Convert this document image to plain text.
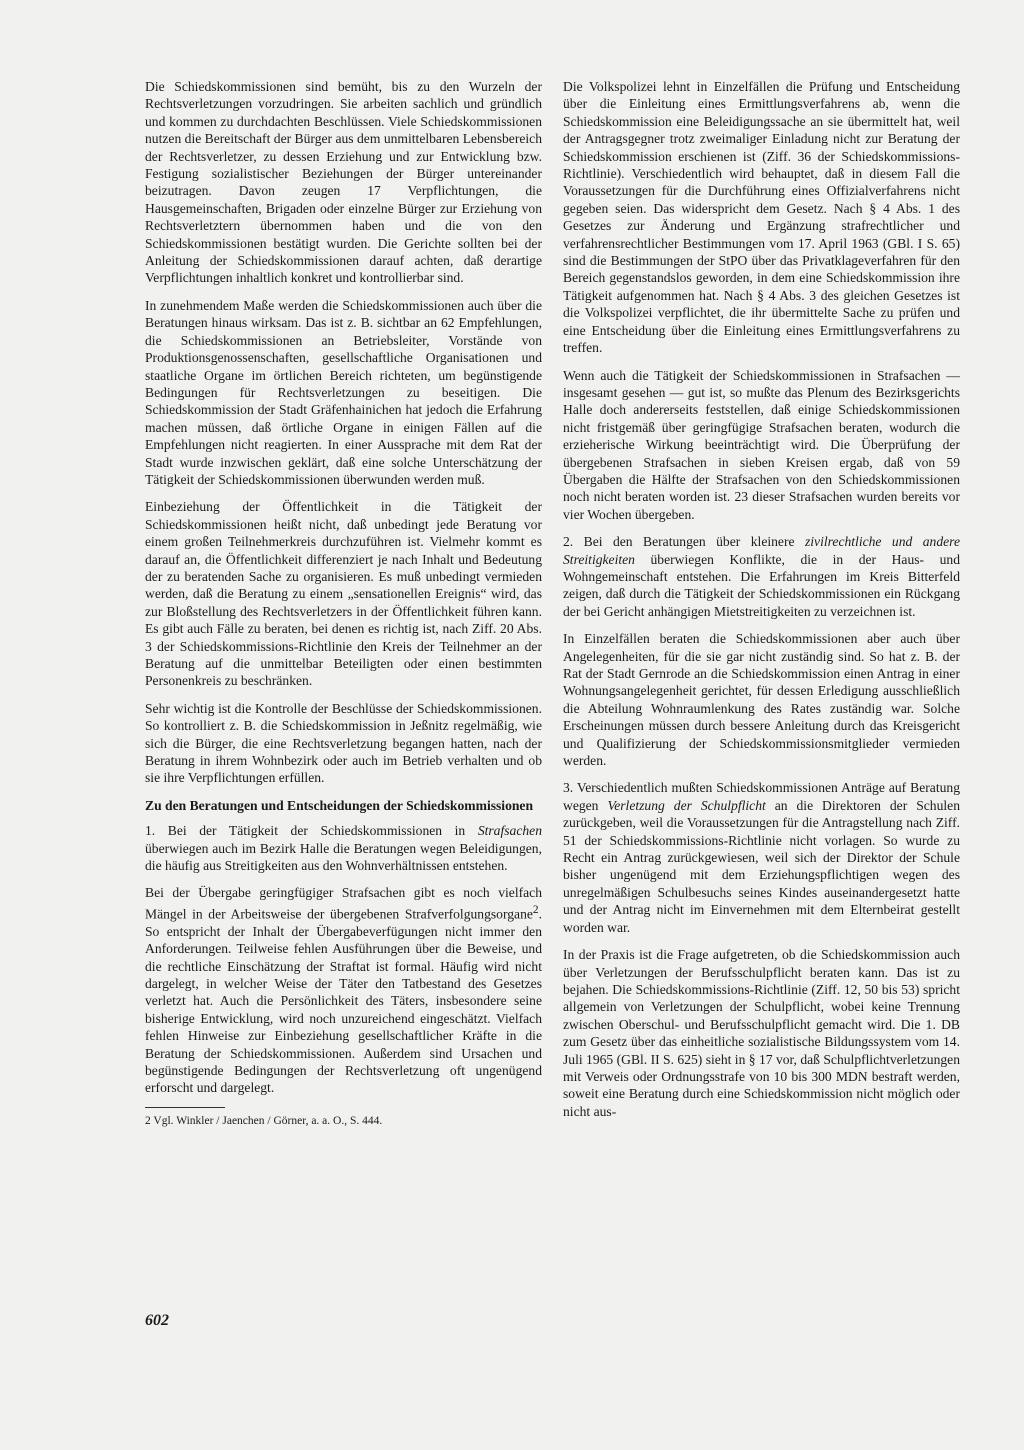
Die Schiedskommissionen sind bemüht, bis zu den Wurzeln der Rechtsverletzungen vorzudringen. Sie arbeiten sachlich und gründlich und kommen zu durchdachten Beschlüssen. Viele Schiedskommissionen nutzen die Bereitschaft der Bürger aus dem unmittelbaren Lebensbereich der Rechtsverletzer, zu dessen Erziehung und zur Entwicklung bzw. Festigung sozialistischer Beziehungen der Bürger untereinander beizutragen. Davon zeugen 17 Verpflichtungen, die Hausgemeinschaften, Brigaden oder einzelne Bürger zur Erziehung von Rechtsverletztern übernommen haben und die von den Schiedskommissionen bestätigt wurden. Die Gerichte sollten bei der Anleitung der Schiedskommissionen darauf achten, daß derartige Verpflichtungen inhaltlich konkret und kontrollierbar sind.

In zunehmendem Maße werden die Schiedskommissionen auch über die Beratungen hinaus wirksam. Das ist z. B. sichtbar an 62 Empfehlungen, die Schiedskommissionen an Betriebsleiter, Vorstände von Produktionsgenossenschaften, gesellschaftliche Organisationen und staatliche Organe im örtlichen Bereich richteten, um begünstigende Bedingungen für Rechtsverletzungen zu beseitigen. Die Schiedskommission der Stadt Gräfenhainichen hat jedoch die Erfahrung machen müssen, daß örtliche Organe in einigen Fällen auf die Empfehlungen nicht reagierten. In einer Aussprache mit dem Rat der Stadt wurde inzwischen geklärt, daß eine solche Unterschätzung der Tätigkeit der Schiedskommissionen überwunden werden muß.

Einbeziehung der Öffentlichkeit in die Tätigkeit der Schiedskommissionen heißt nicht, daß unbedingt jede Beratung vor einem großen Teilnehmerkreis durchzuführen ist. Vielmehr kommt es darauf an, die Öffentlichkeit differenziert je nach Inhalt und Bedeutung der zu beratenden Sache zu organisieren. Es muß unbedingt vermieden werden, daß die Beratung zu einem „sensationellen Ereignis“ wird, das zur Bloßstellung des Rechtsverletzers in der Öffentlichkeit führen kann. Es gibt auch Fälle zu beraten, bei denen es richtig ist, nach Ziff. 20 Abs. 3 der Schiedskommissions-Richtlinie den Kreis der Teilnehmer an der Beratung auf die unmittelbar Beteiligten oder einen bestimmten Personenkreis zu beschränken.

Sehr wichtig ist die Kontrolle der Beschlüsse der Schiedskommissionen. So kontrolliert z. B. die Schiedskommission in Jeßnitz regelmäßig, wie sich die Bürger, die eine Rechtsverletzung begangen hatten, nach der Beratung in ihrem Wohnbezirk oder auch im Betrieb verhalten und ob sie ihre Verpflichtungen erfüllen.

Zu den Beratungen und Entscheidungen der Schiedskommissionen

1. Bei der Tätigkeit der Schiedskommissionen in Strafsachen überwiegen auch im Bezirk Halle die Beratungen wegen Beleidigungen, die häufig aus Streitigkeiten aus den Wohnverhältnissen entstehen.

Bei der Übergabe geringfügiger Strafsachen gibt es noch vielfach Mängel in der Arbeitsweise der übergebenen Strafverfolgungsorgane$^2$. So entspricht der Inhalt der Übergabeverfügungen nicht immer den Anforderungen. Teilweise fehlen Ausführungen über die Beweise, und die rechtliche Einschätzung der Straftat ist formal. Häufig wird nicht dargelegt, in welcher Weise der Täter den Tatbestand des Gesetzes verletzt hat. Auch die Persönlichkeit des Täters, insbesondere seine bisherige Entwicklung, wird noch unzureichend eingeschätzt. Vielfach fehlen Hinweise zur Einbeziehung gesellschaftlicher Kräfte in die Beratung der Schiedskommissionen. Außerdem sind Ursachen und begünstigende Bedingungen der Rechtsverletzung oft ungenügend erforscht und dargelegt.

2 Vgl. Winkler / Jaenchen / Görner, a. a. O., S. 444.

Die Volkspolizei lehnt in Einzelfällen die Prüfung und Entscheidung über die Einleitung eines Ermittlungsverfahrens ab, wenn die Schiedskommission eine Beleidigungssache an sie übermittelt hat, weil der Antragsgegner trotz zweimaliger Einladung nicht zur Beratung der Schiedskommission erschienen ist (Ziff. 36 der Schiedskommissions-Richtlinie). Verschiedentlich wird behauptet, daß in diesem Fall die Voraussetzungen für die Durchführung eines Offizialverfahrens nicht gegeben seien. Das widerspricht dem Gesetz. Nach § 4 Abs. 1 des Gesetzes zur Änderung und Ergänzung strafrechtlicher und verfahrensrechtlicher Bestimmungen vom 17. April 1963 (GBl. I S. 65) sind die Bestimmungen der StPO über das Privatklageverfahren für den Bereich gegenstandslos geworden, in dem eine Schiedskommission ihre Tätigkeit aufgenommen hat. Nach § 4 Abs. 3 des gleichen Gesetzes ist die Volkspolizei verpflichtet, die ihr übermittelte Sache zu prüfen und eine Entscheidung über die Einleitung eines Ermittlungsverfahrens zu treffen.

Wenn auch die Tätigkeit der Schiedskommissionen in Strafsachen — insgesamt gesehen — gut ist, so mußte das Plenum des Bezirksgerichts Halle doch andererseits feststellen, daß einige Schiedskommissionen nicht fristgemäß über geringfügige Strafsachen beraten, wodurch die erzieherische Wirkung beeinträchtigt wird. Die Überprüfung der übergebenen Strafsachen in sieben Kreisen ergab, daß von 59 Übergaben die Hälfte der Strafsachen von den Schiedskommissionen noch nicht beraten worden ist. 23 dieser Strafsachen wurden bereits vor vier Wochen übergeben.

2. Bei den Beratungen über kleinere zivilrechtliche und andere Streitigkeiten überwiegen Konflikte, die in der Haus- und Wohngemeinschaft entstehen. Die Erfahrungen im Kreis Bitterfeld zeigen, daß durch die Tätigkeit der Schiedskommissionen ein Rückgang der bei Gericht anhängigen Mietstreitigkeiten zu verzeichnen ist.

In Einzelfällen beraten die Schiedskommissionen aber auch über Angelegenheiten, für die sie gar nicht zuständig sind. So hat z. B. der Rat der Stadt Gernrode an die Schiedskommission einen Antrag in einer Wohnungsangelegenheit gerichtet, für dessen Erledigung ausschließlich die Abteilung Wohnraumlenkung des Rates zuständig war. Solche Erscheinungen müssen durch bessere Anleitung durch das Kreisgericht und Qualifizierung der Schiedskommissionsmitglieder vermieden werden.

3. Verschiedentlich mußten Schiedskommissionen Anträge auf Beratung wegen Verletzung der Schulpflicht an die Direktoren der Schulen zurückgeben, weil die Voraussetzungen für die Antragstellung nach Ziff. 51 der Schiedskommissions-Richtlinie nicht vorlagen. So wurde zu Recht ein Antrag zurückgewiesen, weil sich der Direktor der Schule bisher ungenügend mit dem Erziehungspflichtigen wegen des unregelmäßigen Schulbesuchs seines Kindes auseinandergesetzt hatte und der Antrag nicht im Einvernehmen mit dem Elternbeirat gestellt worden war.

In der Praxis ist die Frage aufgetreten, ob die Schiedskommission auch über Verletzungen der Berufsschulpflicht beraten kann. Das ist zu bejahen. Die Schiedskommissions-Richtlinie (Ziff. 12, 50 bis 53) spricht allgemein von Verletzungen der Schulpflicht, wobei keine Trennung zwischen Oberschul- und Berufsschulpflicht gemacht wird. Die 1. DB zum Gesetz über das einheitliche sozialistische Bildungssystem vom 14. Juli 1965 (GBl. II S. 625) sieht in § 17 vor, daß Schulpflichtverletzungen mit Verweis oder Ordnungsstrafe von 10 bis 300 MDN bestraft werden, soweit eine Beratung durch eine Schiedskommission nicht möglich oder nicht aus-

602
